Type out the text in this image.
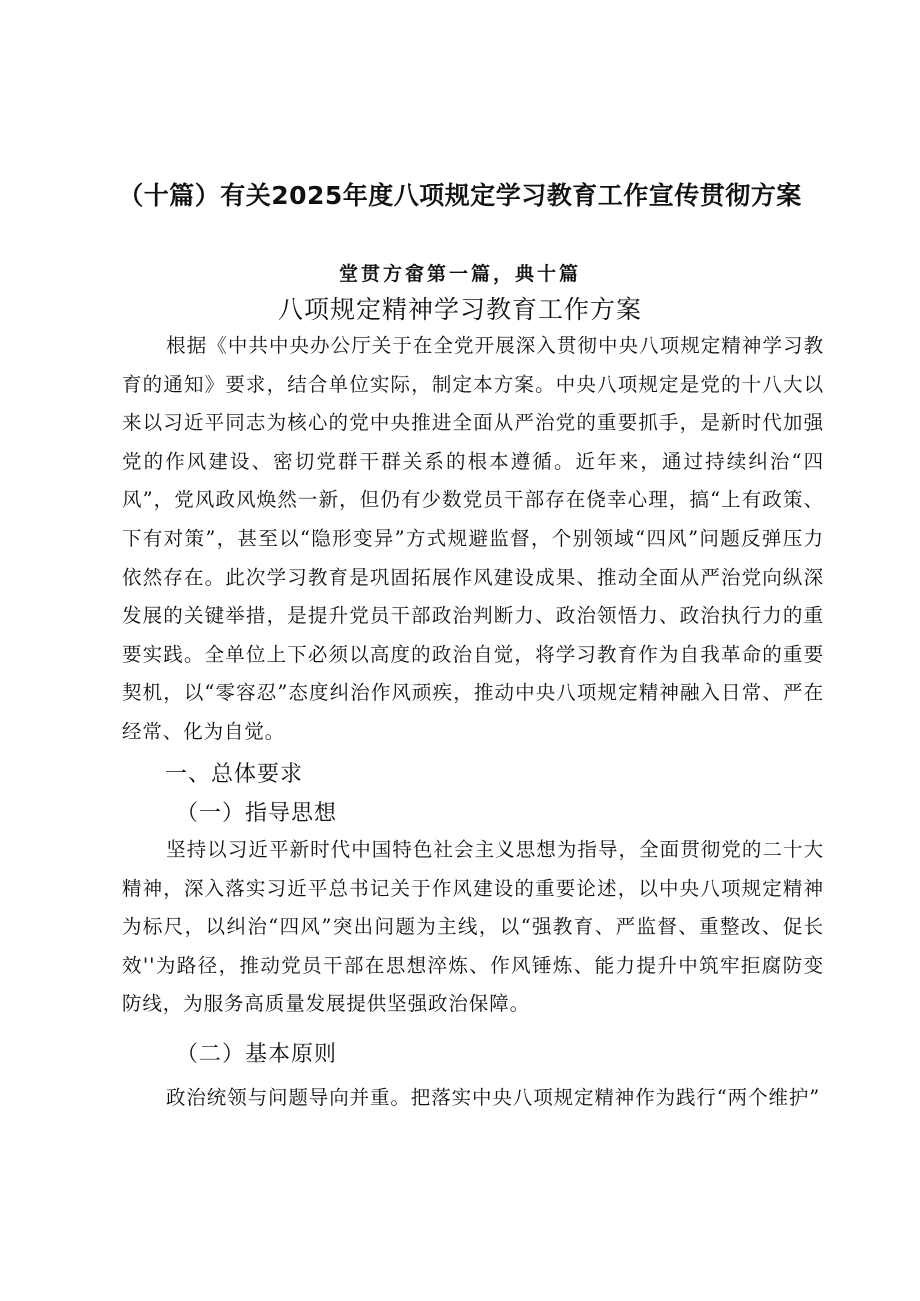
（十篇）有关2025年度八项规定学习教育工作宣传贯彻方案
堂贯方畲第一篇，典十篇
八项规定精神学习教育工作方案

根据《中共中央办公厅关于在全党开展深入贯彻中央八项规定精神学习教育的通知》要求，结合单位实际，制定本方案。中央八项规定是党的十八大以来以习近平同志为核心的党中央推进全面从严治党的重要抓手，是新时代加强党的作风建设、密切党群干群关系的根本遵循。近年来，通过持续纠治“四风”，党风政风焕然一新，但仍有少数党员干部存在侥幸心理，搞“上有政策、下有对策”，甚至以“隐形变异”方式规避监督，个别领域“四风”问题反弹压力依然存在。此次学习教育是巩固拓展作风建设成果、推动全面从严治党向纵深发展的关键举措，是提升党员干部政治判断力、政治领悟力、政治执行力的重要实践。全单位上下必须以高度的政治自觉，将学习教育作为自我革命的重要契机，以“零容忍”态度纠治作风顽疾，推动中央八项规定精神融入日常、严在经常、化为自觉。

一、总体要求
（一）指导思想

坚持以习近平新时代中国特色社会主义思想为指导，全面贯彻党的二十大精神，深入落实习近平总书记关于作风建设的重要论述，以中央八项规定精神为标尺，以纠治“四风”突出问题为主线，以“强教育、严监督、重整改、促长效''为路径，推动党员干部在思想淬炼、作风锤炼、能力提升中筑牢拒腐防变防线，为服务高质量发展提供坚强政治保障。

（二）基本原则

政治统领与问题导向并重。把落实中央八项规定精神作为践行“两个维护”
